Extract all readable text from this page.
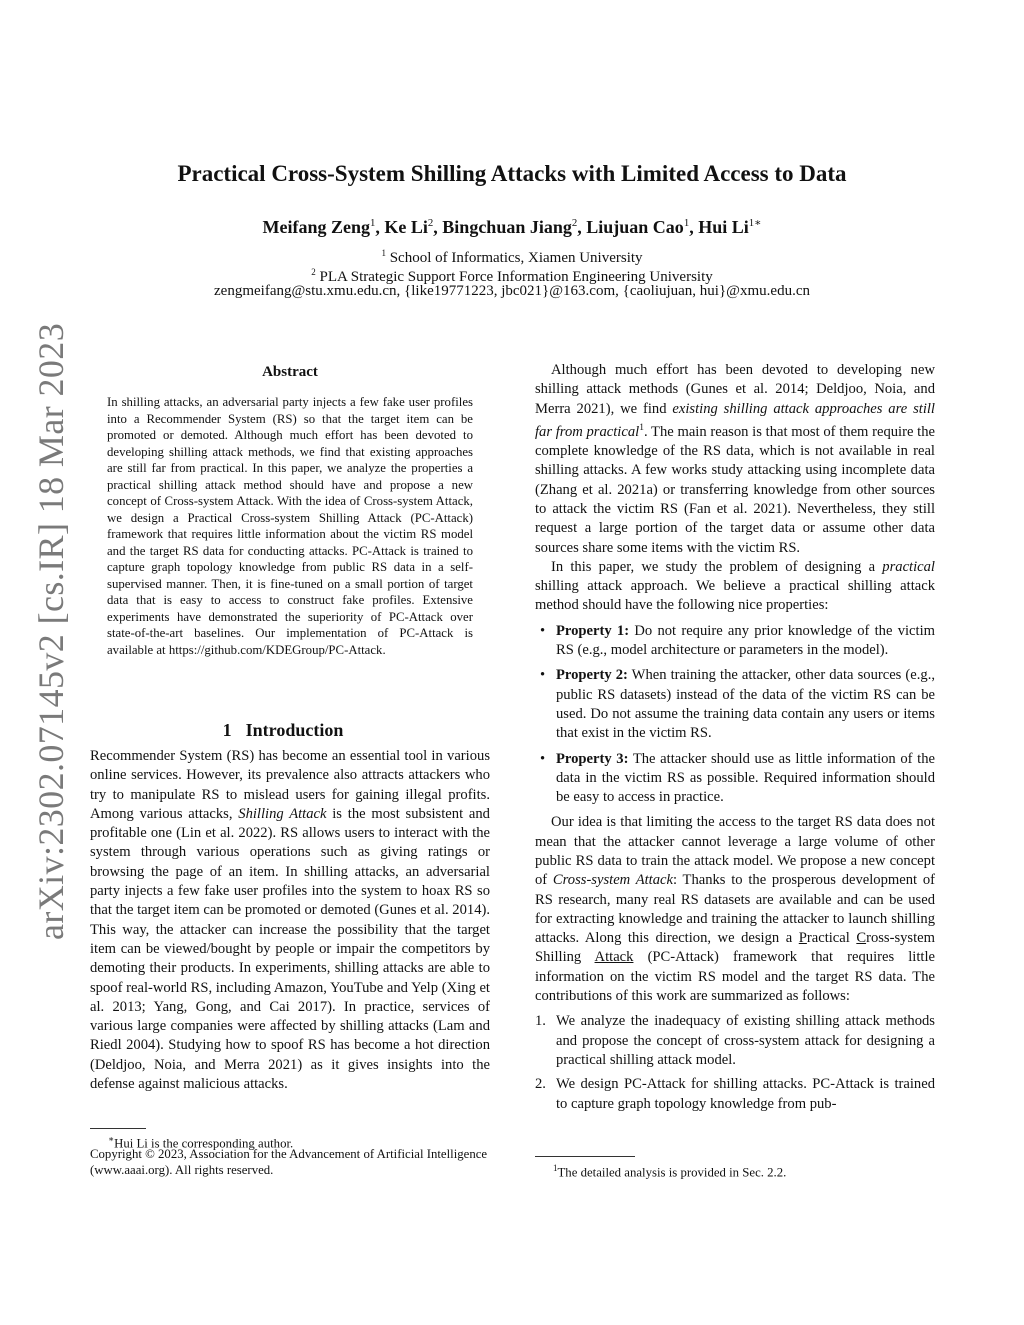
arXiv:2302.07145v2 [cs.IR] 18 Mar 2023
Practical Cross-System Shilling Attacks with Limited Access to Data
Meifang Zeng$^1$, Ke Li$^2$, Bingchuan Jiang$^2$, Liujuan Cao$^1$, Hui $Li^{1∗}$
$^1$ School of Informatics, Xiamen University
$^2$ PLA Strategic Support Force Information Engineering University
zengmeifang@stu.xmu.edu.cn, {like19771223, jbc021}@163.com, {caoliujuan, hui}@xmu.edu.cn
Abstract
In shilling attacks, an adversarial party injects a few fake user profiles into a Recommender System (RS) so that the target item can be promoted or demoted. Although much effort has been devoted to developing shilling attack methods, we find that existing approaches are still far from practical. In this paper, we analyze the properties a practical shilling attack method should have and propose a new concept of Cross-system Attack. With the idea of Cross-system Attack, we design a Practical Cross-system Shilling Attack (PC-Attack) framework that requires little information about the victim RS model and the target RS data for conducting attacks. PC-Attack is trained to capture graph topology knowledge from public RS data in a self-supervised manner. Then, it is fine-tuned on a small portion of target data that is easy to access to construct fake profiles. Extensive experiments have demonstrated the superiority of PC-Attack over state-of-the-art baselines. Our implementation of PC-Attack is available at https://github.com/KDEGroup/PC-Attack.
1 Introduction

Recommender System (RS) has become an essential tool in various online services. However, its prevalence also attracts attackers who try to manipulate RS to mislead users for gaining illegal profits. Among various attacks, Shilling Attack is the most subsistent and profitable one (Lin et al. 2022). RS allows users to interact with the system through various operations such as giving ratings or browsing the page of an item. In shilling attacks, an adversarial party injects a few fake user profiles into the system to hoax RS so that the target item can be promoted or demoted (Gunes et al. 2014). This way, the attacker can increase the possibility that the target item can be viewed/bought by people or impair the competitors by demoting their products. In experiments, shilling attacks are able to spoof real-world RS, including Amazon, YouTube and Yelp (Xing et al. 2013; Yang, Gong, and Cai 2017). In practice, services of various large companies were affected by shilling attacks (Lam and Riedl 2004). Studying how to spoof RS has become a hot direction (Deldjoo, Noia, and Merra 2021) as it gives insights into the defense against malicious attacks.

∗Hui Li is the corresponding author.
Copyright © 2023, Association for the Advancement of Artificial Intelligence (www.aaai.org). All rights reserved.

Although much effort has been devoted to developing new shilling attack methods (Gunes et al. 2014; Deldjoo, Noia, and Merra 2021), we find existing shilling attack approaches are still far from practical$^1$. The main reason is that most of them require the complete knowledge of the RS data, which is not available in real shilling attacks. A few works study attacking using incomplete data (Zhang et al. 2021a) or transferring knowledge from other sources to attack the victim RS (Fan et al. 2021). Nevertheless, they still request a large portion of the target data or assume other data sources share some items with the victim RS.

In this paper, we study the problem of designing a practical shilling attack approach. We believe a practical shilling attack method should have the following nice properties:

• Property 1: Do not require any prior knowledge of the victim RS (e.g., model architecture or parameters in the model).
• Property 2: When training the attacker, other data sources (e.g., public RS datasets) instead of the data of the victim RS can be used. Do not assume the training data contain any users or items that exist in the victim RS.
• Property 3: The attacker should use as little information of the data in the victim RS as possible. Required information should be easy to access in practice.

Our idea is that limiting the access to the target RS data does not mean that the attacker cannot leverage a large volume of other public RS data to train the attack model. We propose a new concept of Cross-system Attack: Thanks to the prosperous development of RS research, many real RS datasets are available and can be used for extracting knowledge and training the attacker to launch shilling attacks. Along this direction, we design a Practical Cross-system Shilling Attack (PC-Attack) framework that requires little information on the victim RS model and the target RS data. The contributions of this work are summarized as follows:

1. We analyze the inadequacy of existing shilling attack methods and propose the concept of cross-system attack for designing a practical shilling attack model.
2. We design PC-Attack for shilling attacks. PC-Attack is trained to capture graph topology knowledge from pub-
$^1$The detailed analysis is provided in Sec. 2.2.
